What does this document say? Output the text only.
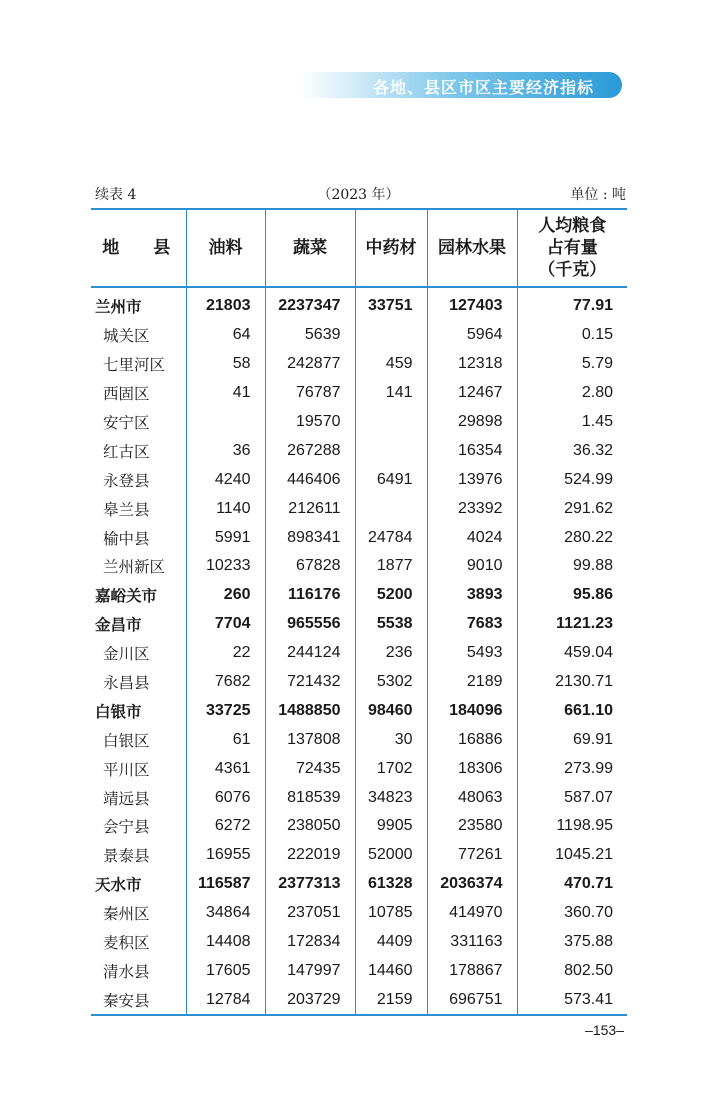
各地、县区市区主要经济指标
续表 4	（2023 年）	单位 : 吨
地 县	油料	蔬菜	中药材	园林水果	人均粮食
占有量
（千克）
兰州市	21803	2237347	33751	127403	77.91
城关区	64	5639		5964	0.15
七里河区	58	242877	459	12318	5.79
西固区	41	76787	141	12467	2.80
安宁区		19570		29898	1.45
红古区	36	267288		16354	36.32
永登县	4240	446406	6491	13976	524.99
皋兰县	1140	212611		23392	291.62
榆中县	5991	898341	24784	4024	280.22
兰州新区	10233	67828	1877	9010	99.88
嘉峪关市	260	116176	5200	3893	95.86
金昌市	7704	965556	5538	7683	1121.23
金川区	22	244124	236	5493	459.04
永昌县	7682	721432	5302	2189	2130.71
白银市	33725	1488850	98460	184096	661.10
白银区	61	137808	30	16886	69.91
平川区	4361	72435	1702	18306	273.99
靖远县	6076	818539	34823	48063	587.07
会宁县	6272	238050	9905	23580	1198.95
景泰县	16955	222019	52000	77261	1045.21
天水市	116587	2377313	61328	2036374	470.71
秦州区	34864	237051	10785	414970	360.70
麦积区	14408	172834	4409	331163	375.88
清水县	17605	147997	14460	178867	802.50
秦安县	12784	203729	2159	696751	573.41
–153–
